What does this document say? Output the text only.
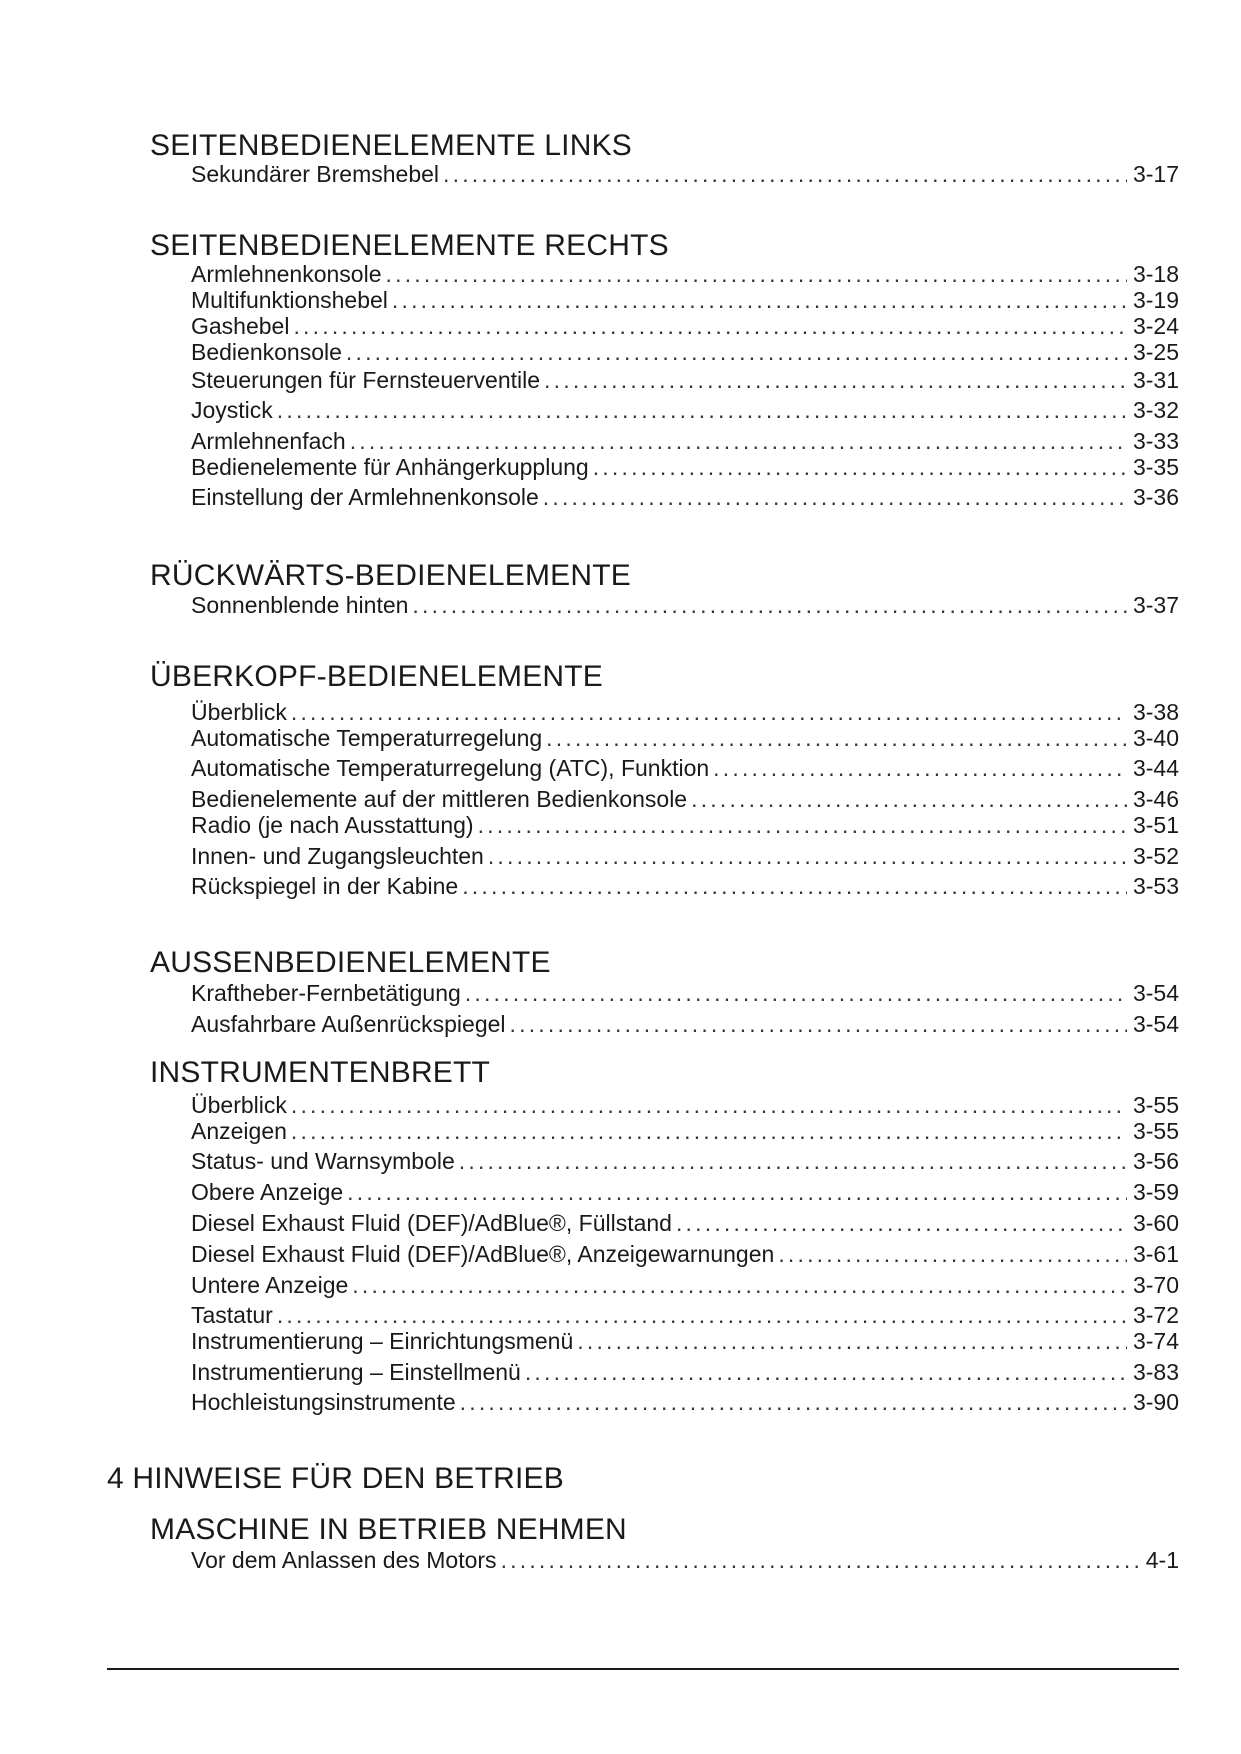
SEITENBEDIENELEMENTE LINKS
Sekundärer Bremshebel .....	3-17
SEITENBEDIENELEMENTE RECHTS
Armlehnenkonsole .....	3-18
Multifunktionshebel .....	3-19
Gashebel .....	3-24
Bedienkonsole .....	3-25
Steuerungen für Fernsteuerventile .....	3-31
Joystick .....	3-32
Armlehnenfach .....	3-33
Bedienelemente für Anhängerkupplung .....	3-35
Einstellung der Armlehnenkonsole .....	3-36
RÜCKWÄRTS-BEDIENELEMENTE
Sonnenblende hinten .....	3-37
ÜBERKOPF-BEDIENELEMENTE
Überblick .....	3-38
Automatische Temperaturregelung .....	3-40
Automatische Temperaturregelung (ATC), Funktion .....	3-44
Bedienelemente auf der mittleren Bedienkonsole .....	3-46
Radio (je nach Ausstattung) .....	3-51
Innen- und Zugangsleuchten .....	3-52
Rückspiegel in der Kabine .....	3-53
AUSSENBEDIENELEMENTE
Kraftheber-Fernbetätigung .....	3-54
Ausfahrbare Außenrückspiegel .....	3-54
INSTRUMENTENBRETT
Überblick .....	3-55
Anzeigen .....	3-55
Status- und Warnsymbole .....	3-56
Obere Anzeige .....	3-59
Diesel Exhaust Fluid (DEF)/AdBlue®, Füllstand .....	3-60
Diesel Exhaust Fluid (DEF)/AdBlue®, Anzeigewarnungen .....	3-61
Untere Anzeige .....	3-70
Tastatur .....	3-72
Instrumentierung – Einrichtungsmenü .....	3-74
Instrumentierung – Einstellmenü .....	3-83
Hochleistungsinstrumente .....	3-90
4 HINWEISE FÜR DEN BETRIEB
MASCHINE IN BETRIEB NEHMEN
Vor dem Anlassen des Motors .....	4-1
